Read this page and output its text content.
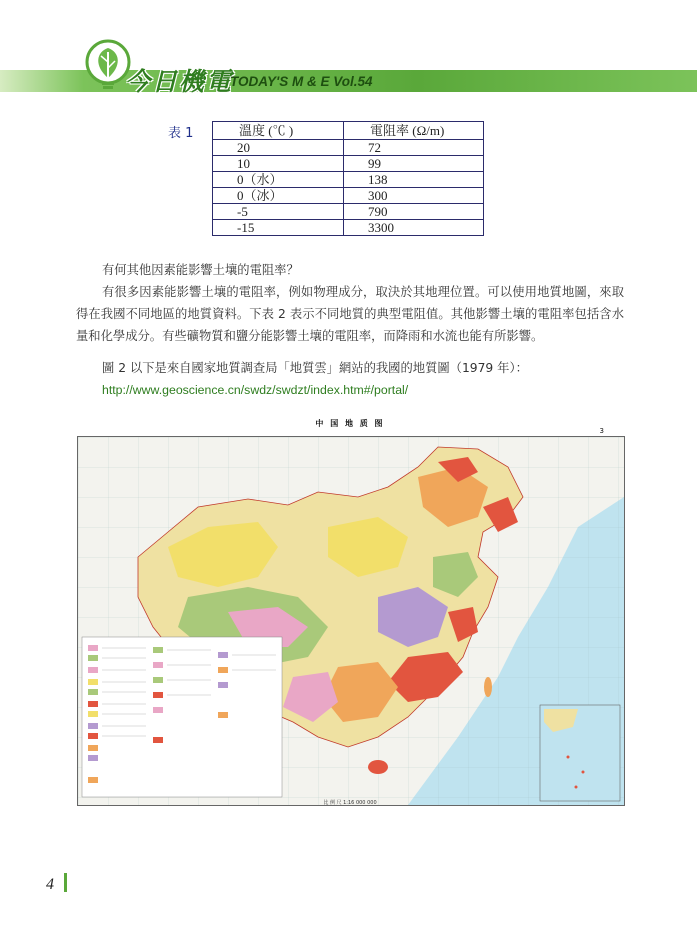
今日機電
TODAY'S M & E Vol.54
表 1	溫度 (℃ )	電阻率 (Ω/m)
20	72
10	99
0（水）	138
0（冰）	300
-5	790
-15	3300
有何其他因素能影響土壤的電阻率？
有很多因素能影響土壤的電阻率，例如物理成分，取決於其地理位置。可以使用地質地圖，來取得在我國不同地區的地質資料。下表 2 表示不同地質的典型電阻值。其他影響土壤的電阻率包括含水量和化學成分。有些礦物質和鹽分能影響土壤的電阻率，而降雨和水流也能有所影響。
圖 2 以下是來自國家地質調查局「地質雲」網站的我國的地質圖（1979 年）：
http://www.geoscience.cn/swdz/swdzt/index.htm#/portal/
中 国 地 质 图
3
比 例 尺 1:16 000 000
4
